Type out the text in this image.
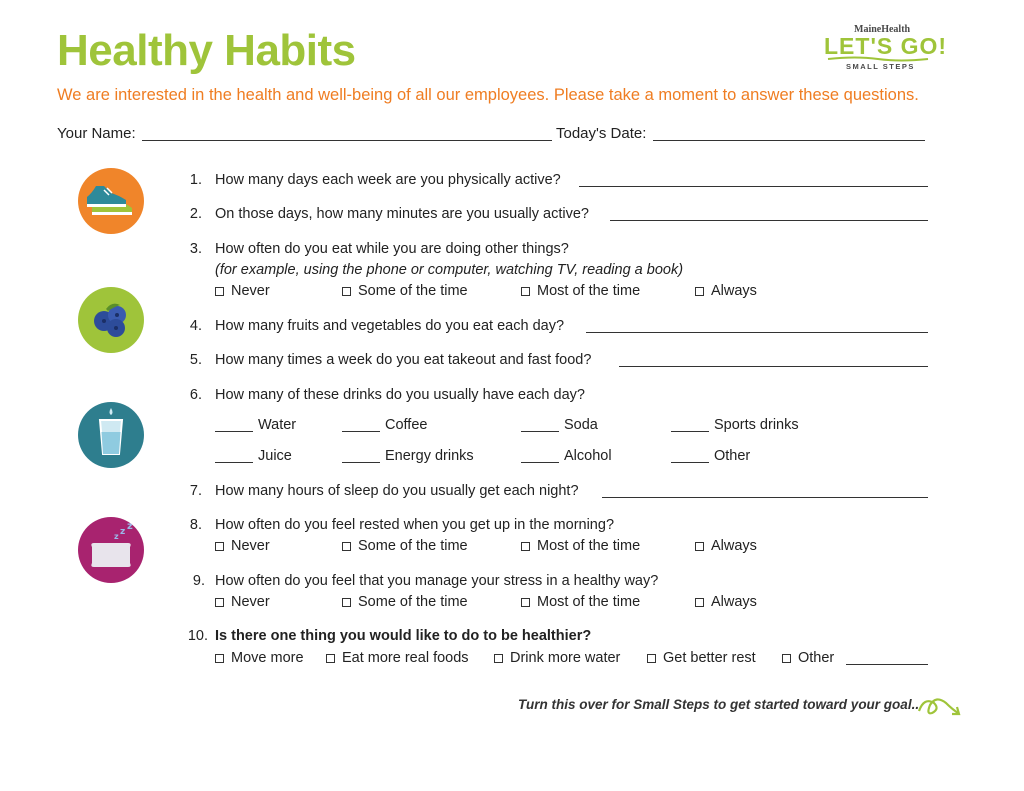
Healthy Habits
We are interested in the health and well-being of all our employees. Please take a moment to answer these questions.
MaineHealth
LET'S GO!
SMALL STEPS
Your Name:	Today's Date:
z z z
1. How many days each week are you physically active?
2. On those days, how many minutes are you usually active?
3. How often do you eat while you are doing other things?
(for example, using the phone or computer, watching TV, reading a book)
Never	Some of the time	Most of the time	Always
4. How many fruits and vegetables do you eat each day?
5. How many times a week do you eat takeout and fast food?
6. How many of these drinks do you usually have each day?
Water	Coffee	Soda	Sports drinks
Juice	Energy drinks	Alcohol	Other
7. How many hours of sleep do you usually get each night?
8. How often do you feel rested when you get up in the morning?
Never	Some of the time	Most of the time	Always
9. How often do you feel that you manage your stress in a healthy way?
Never	Some of the time	Most of the time	Always
10. Is there one thing you would like to do to be healthier?
Move more	Eat more real foods	Drink more water	Get better rest	Other
Turn this over for Small Steps to get started toward your goal..
